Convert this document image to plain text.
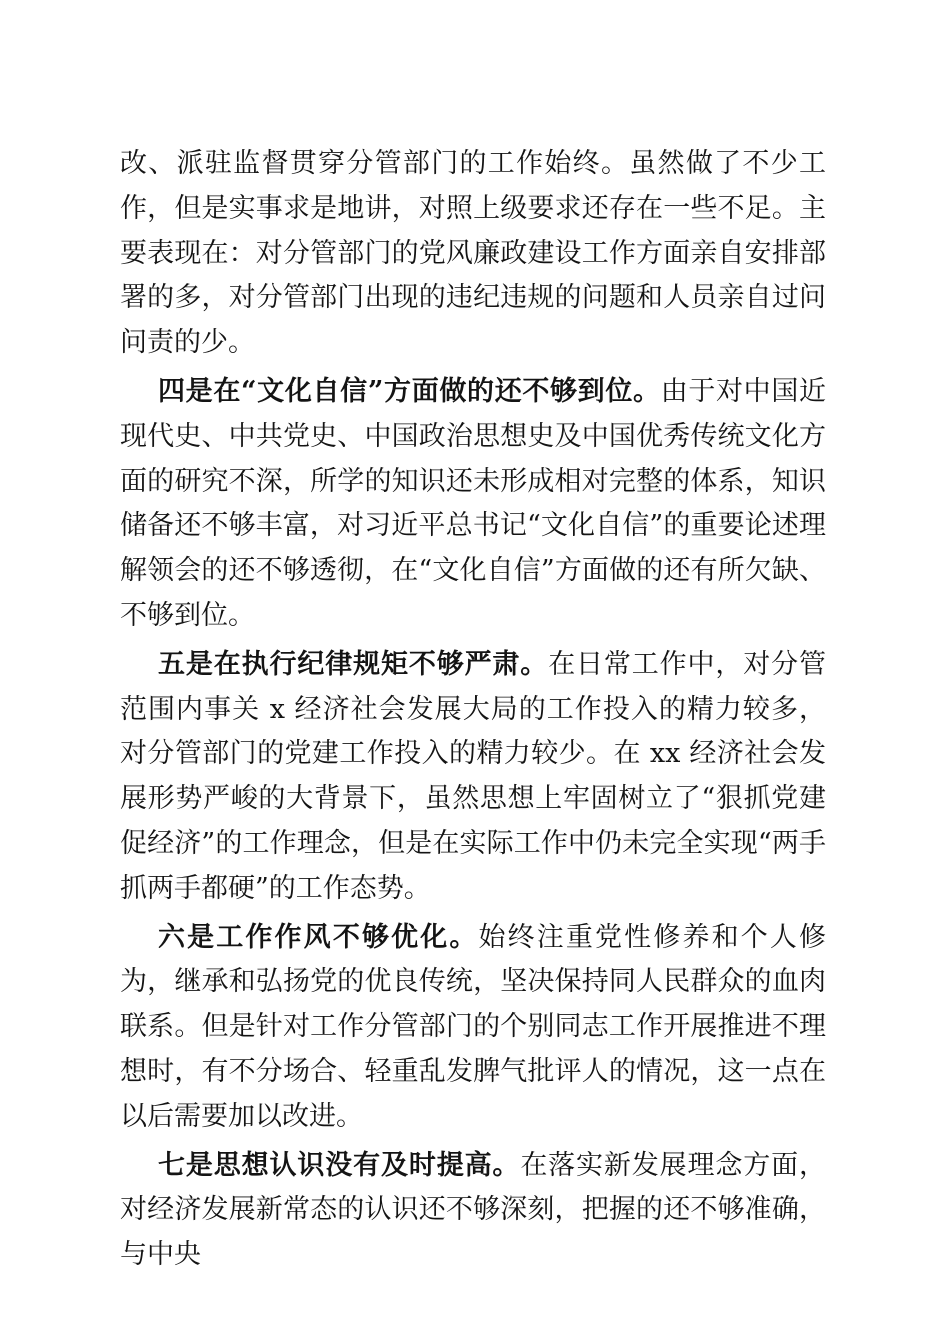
改、派驻监督贯穿分管部门的工作始终。虽然做了不少工作，但是实事求是地讲，对照上级要求还存在一些不足。主要表现在：对分管部门的党风廉政建设工作方面亲自安排部署的多，对分管部门出现的违纪违规的问题和人员亲自过问问责的少。

四是在“文化自信”方面做的还不够到位。由于对中国近现代史、中共党史、中国政治思想史及中国优秀传统文化方面的研究不深，所学的知识还未形成相对完整的体系，知识储备还不够丰富，对习近平总书记“文化自信”的重要论述理解领会的还不够透彻，在“文化自信”方面做的还有所欠缺、不够到位。

五是在执行纪律规矩不够严肃。在日常工作中，对分管范围内事关 x 经济社会发展大局的工作投入的精力较多，对分管部门的党建工作投入的精力较少。在 xx 经济社会发展形势严峻的大背景下，虽然思想上牢固树立了“狠抓党建促经济”的工作理念，但是在实际工作中仍未完全实现“两手抓两手都硬”的工作态势。

六是工作作风不够优化。始终注重党性修养和个人修为，继承和弘扬党的优良传统，坚决保持同人民群众的血肉联系。但是针对工作分管部门的个别同志工作开展推进不理想时，有不分场合、轻重乱发脾气批评人的情况，这一点在以后需要加以改进。

七是思想认识没有及时提高。在落实新发展理念方面，对经济发展新常态的认识还不够深刻，把握的还不够准确，与中央
